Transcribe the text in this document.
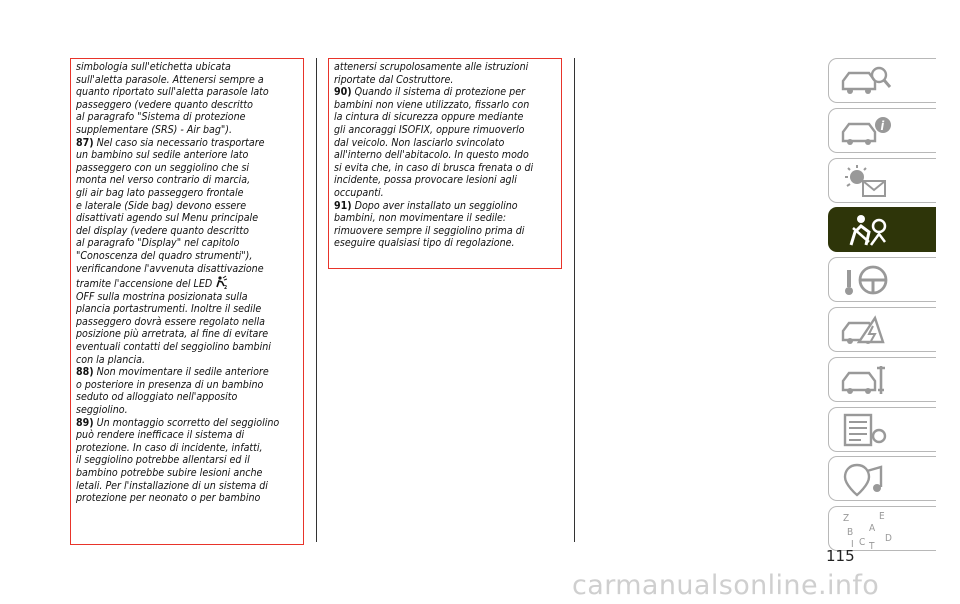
simbologia sull'etichetta ubicata
sull'aletta parasole. Attenersi sempre a
quanto riportato sull'aletta parasole lato
passeggero (vedere quanto descritto
al paragrafo "Sistema di protezione
supplementare (SRS) - Air bag").

87) Nel caso sia necessario trasportare
un bambino sul sedile anteriore lato
passeggero con un seggiolino che si
monta nel verso contrario di marcia,
gli air bag lato passeggero frontale
e laterale (Side bag) devono essere
disattivati agendo sul Menu principale
del display (vedere quanto descritto
al paragrafo "Display" nel capitolo
"Conoscenza del quadro strumenti"),
verificandone l'avvenuta disattivazione
tramite l'accensione del LED 2

OFF sulla mostrina posizionata sulla
plancia portastrumenti. Inoltre il sedile
passeggero dovrà essere regolato nella
posizione più arretrata, al fine di evitare
eventuali contatti del seggiolino bambini
con la plancia.

88) Non movimentare il sedile anteriore
o posteriore in presenza di un bambino
seduto od alloggiato nell'apposito
seggiolino.

89) Un montaggio scorretto del seggiolino
può rendere inefficace il sistema di
protezione. In caso di incidente, infatti,
il seggiolino potrebbe allentarsi ed il
bambino potrebbe subire lesioni anche
letali. Per l'installazione di un sistema di
protezione per neonato o per bambino

attenersi scrupolosamente alle istruzioni
riportate dal Costruttore.

90) Quando il sistema di protezione per
bambini non viene utilizzato, fissarlo con
la cintura di sicurezza oppure mediante
gli ancoraggi ISOFIX, oppure rimuoverlo
dal veicolo. Non lasciarlo svincolato
all'interno dell'abitacolo. In questo modo
si evita che, in caso di brusca frenata o di
incidente, possa provocare lesioni agli
occupanti.

91) Dopo aver installato un seggiolino
bambini, non movimentare il sedile:
rimuovere sempre il seggiolino prima di
eseguire qualsiasi tipo di regolazione.

i
Z	E
A
B
C T
I
D
115
carmanualsonline.info
